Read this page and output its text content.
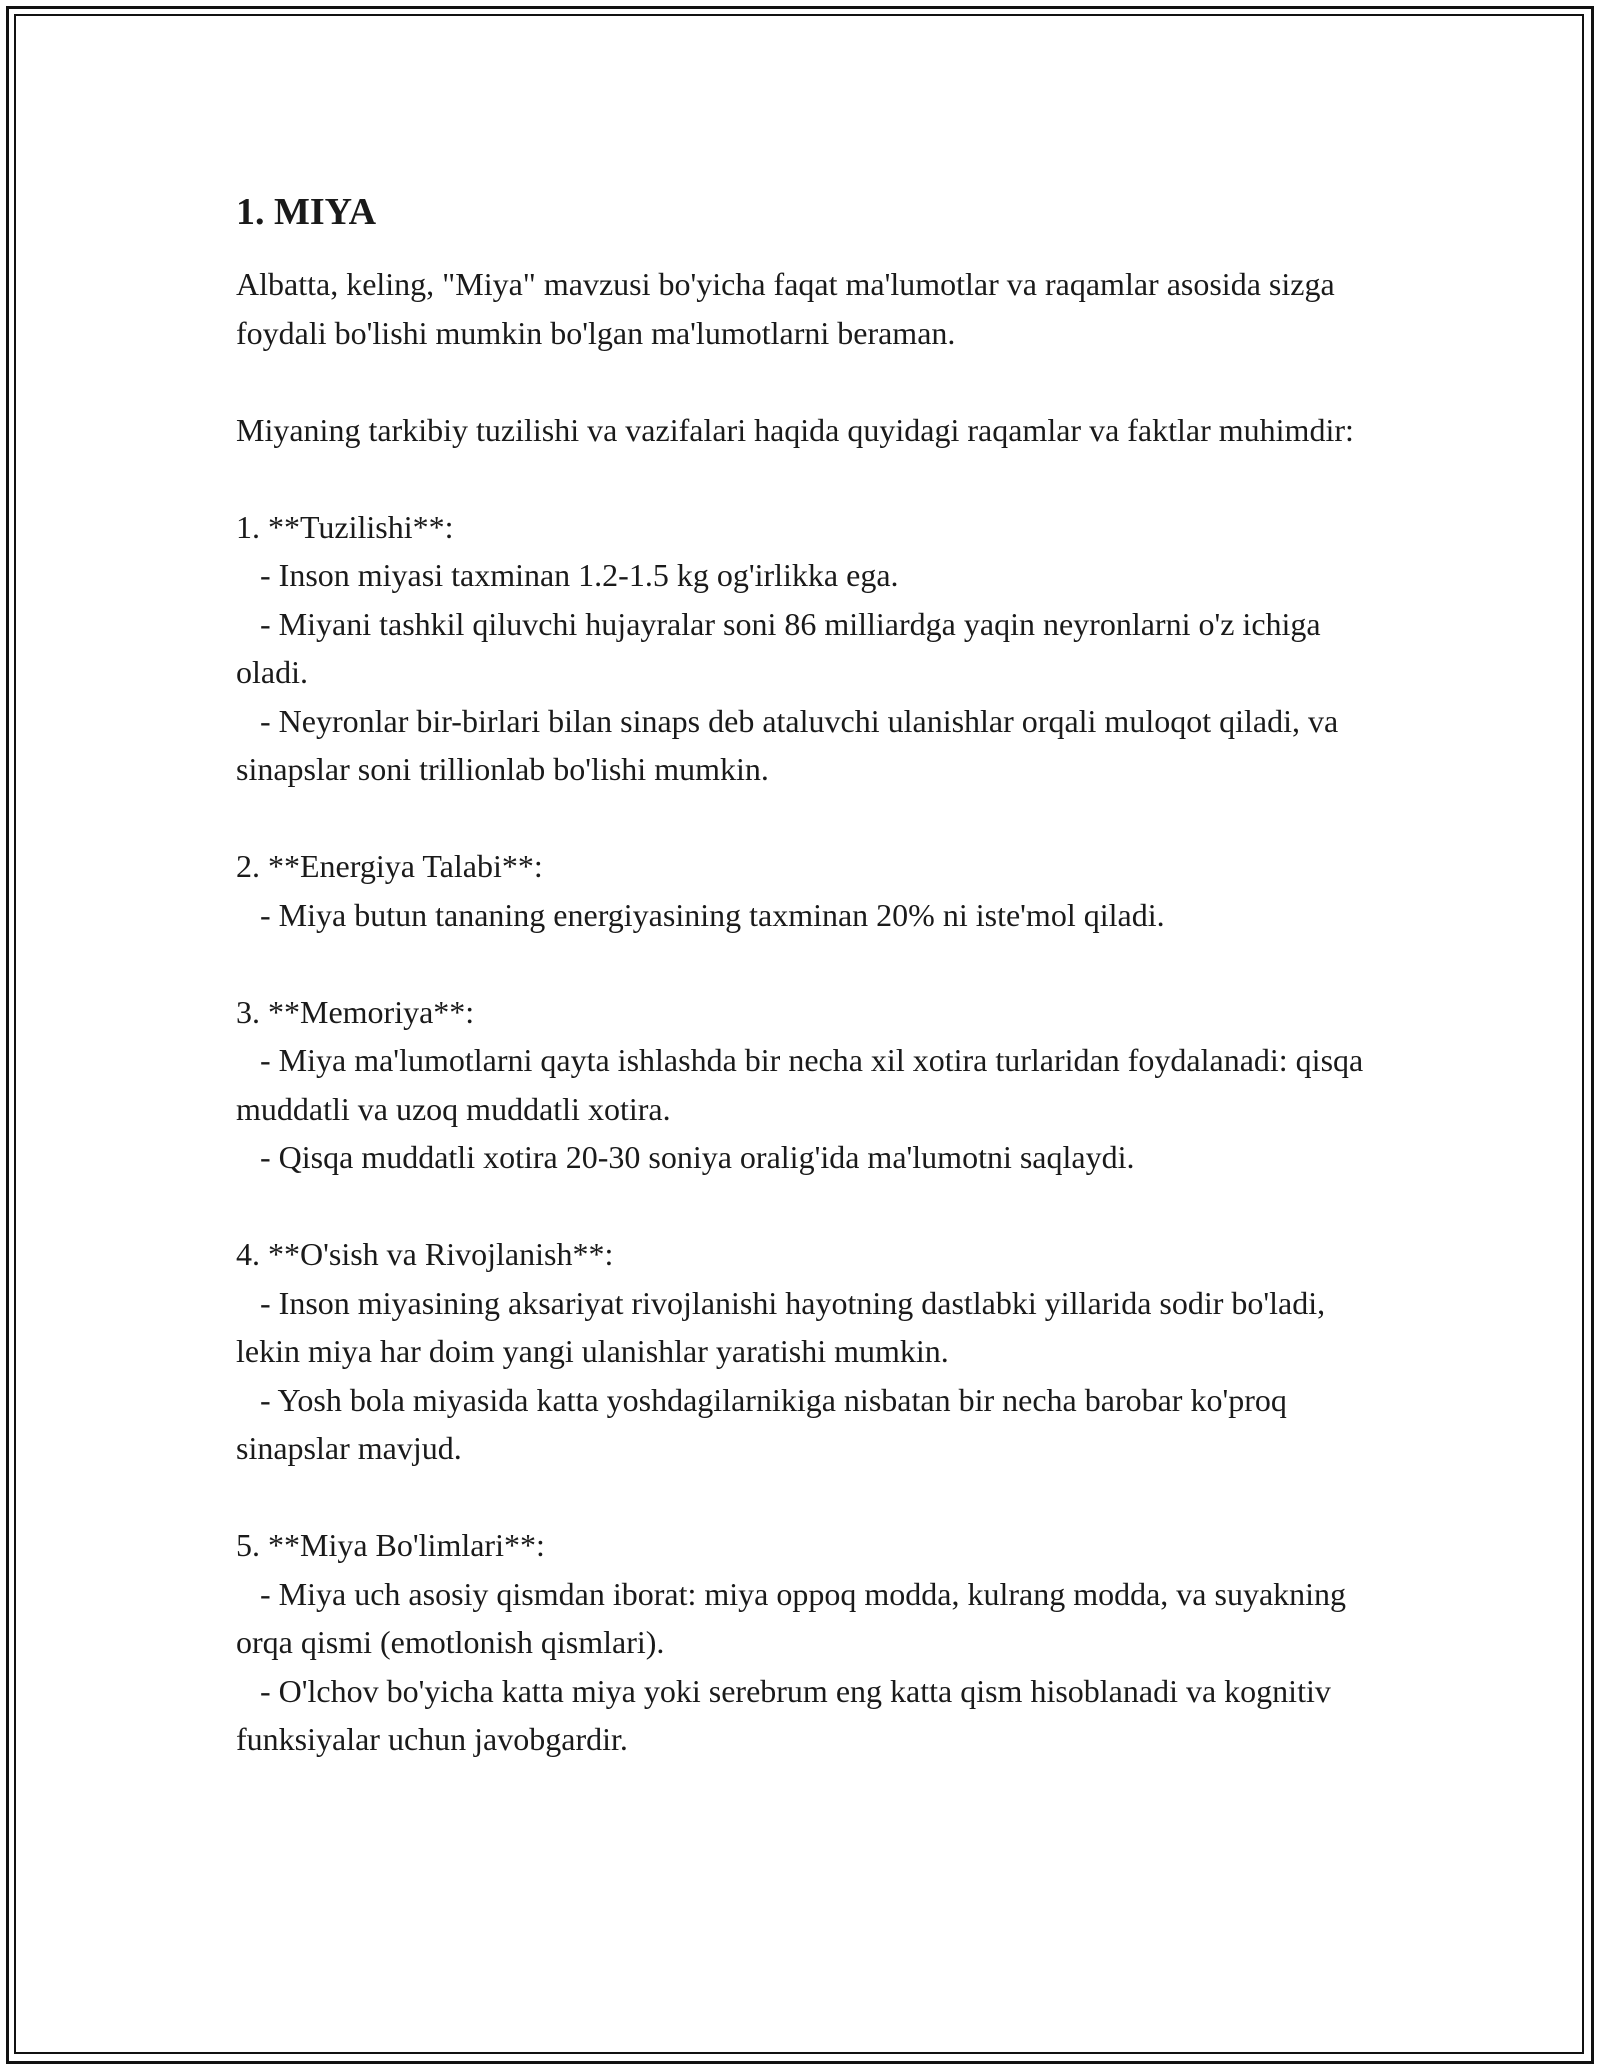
1. MIYA

Albatta, keling, "Miya" mavzusi bo'yicha faqat ma'lumotlar va raqamlar asosida sizga foydali bo'lishi mumkin bo'lgan ma'lumotlarni beraman.

Miyaning tarkibiy tuzilishi va vazifalari haqida quyidagi raqamlar va faktlar muhimdir:

1. **Tuzilishi**:

- Inson miyasi taxminan 1.2-1.5 kg og'irlikka ega.

- Miyani tashkil qiluvchi hujayralar soni 86 milliardga yaqin neyronlarni o'z ichiga oladi.

- Neyronlar bir-birlari bilan sinaps deb ataluvchi ulanishlar orqali muloqot qiladi, va sinapslar soni trillionlab bo'lishi mumkin.

2. **Energiya Talabi**:

- Miya butun tananing energiyasining taxminan 20% ni iste'mol qiladi.

3. **Memoriya**:

- Miya ma'lumotlarni qayta ishlashda bir necha xil xotira turlaridan foydalanadi: qisqa muddatli va uzoq muddatli xotira.

- Qisqa muddatli xotira 20-30 soniya oralig'ida ma'lumotni saqlaydi.

4. **O'sish va Rivojlanish**:

- Inson miyasining aksariyat rivojlanishi hayotning dastlabki yillarida sodir bo'ladi, lekin miya har doim yangi ulanishlar yaratishi mumkin.

- Yosh bola miyasida katta yoshdagilarnikiga nisbatan bir necha barobar ko'proq sinapslar mavjud.

5. **Miya Bo'limlari**:

- Miya uch asosiy qismdan iborat: miya oppoq modda, kulrang modda, va suyakning orqa qismi (emotlonish qismlari).

- O'lchov bo'yicha katta miya yoki serebrum eng katta qism hisoblanadi va kognitiv funksiyalar uchun javobgardir.
